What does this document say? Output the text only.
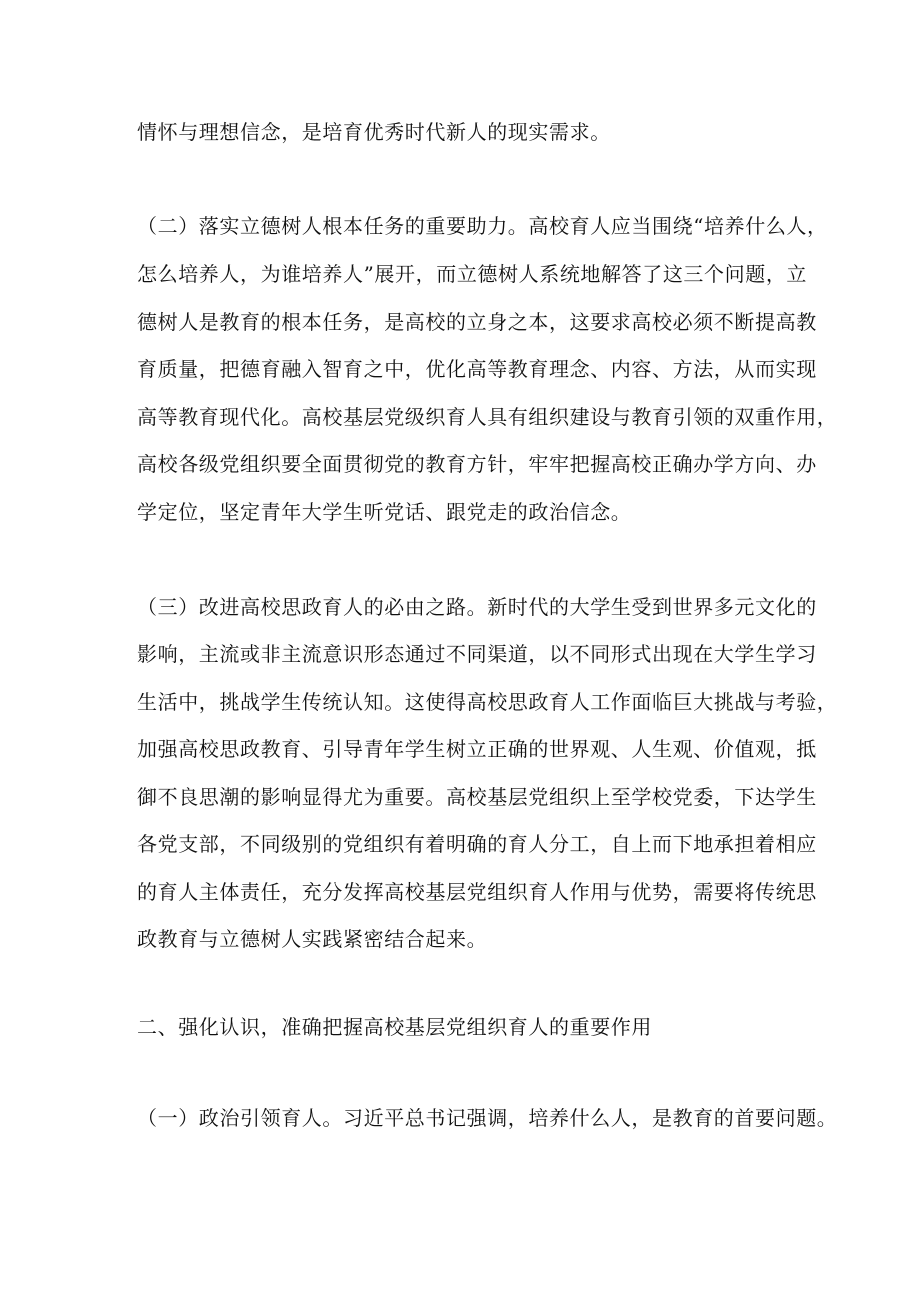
情怀与理想信念，是培育优秀时代新人的现实需求。

（二）落实立德树人根本任务的重要助力。高校育人应当围绕“培养什么人，

怎么培养人，为谁培养人”展开，而立德树人系统地解答了这三个问题，立

德树人是教育的根本任务，是高校的立身之本，这要求高校必须不断提高教

育质量，把德育融入智育之中，优化高等教育理念、内容、方法，从而实现

高等教育现代化。高校基层党级织育人具有组织建设与教育引领的双重作用，

高校各级党组织要全面贯彻党的教育方针，牢牢把握高校正确办学方向、办

学定位，坚定青年大学生听党话、跟党走的政治信念。

（三）改进高校思政育人的必由之路。新时代的大学生受到世界多元文化的

影响，主流或非主流意识形态通过不同渠道，以不同形式出现在大学生学习

生活中，挑战学生传统认知。这使得高校思政育人工作面临巨大挑战与考验，

加强高校思政教育、引导青年学生树立正确的世界观、人生观、价值观，抵

御不良思潮的影响显得尤为重要。高校基层党组织上至学校党委，下达学生

各党支部，不同级别的党组织有着明确的育人分工，自上而下地承担着相应

的育人主体责任，充分发挥高校基层党组织育人作用与优势，需要将传统思

政教育与立德树人实践紧密结合起来。

二、强化认识，准确把握高校基层党组织育人的重要作用

（一）政治引领育人。习近平总书记强调，培养什么人，是教育的首要问题。
